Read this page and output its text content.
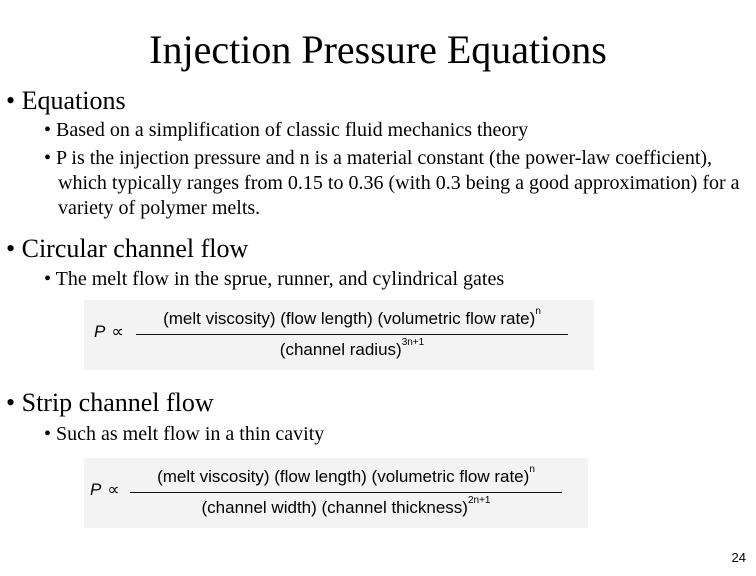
Injection Pressure Equations
• Equations
• Based on a simplification of classic fluid mechanics theory
• P is the injection pressure and n is a material constant (the power-law coefficient), which typically ranges from 0.15 to 0.36 (with 0.3 being a good approximation) for a variety of polymer melts.
• Circular channel flow
• The melt flow in the sprue, runner, and cylindrical gates
P ∝
(melt viscosity) (flow length) (volumetric flow rate)$^n$
(channel radius)$^{3n+1}$
• Strip channel flow
• Such as melt flow in a thin cavity
P ∝
(melt viscosity) (flow length) (volumetric flow rate)$^n$
(channel width) (channel thickness)$^{2n+1}$
24
